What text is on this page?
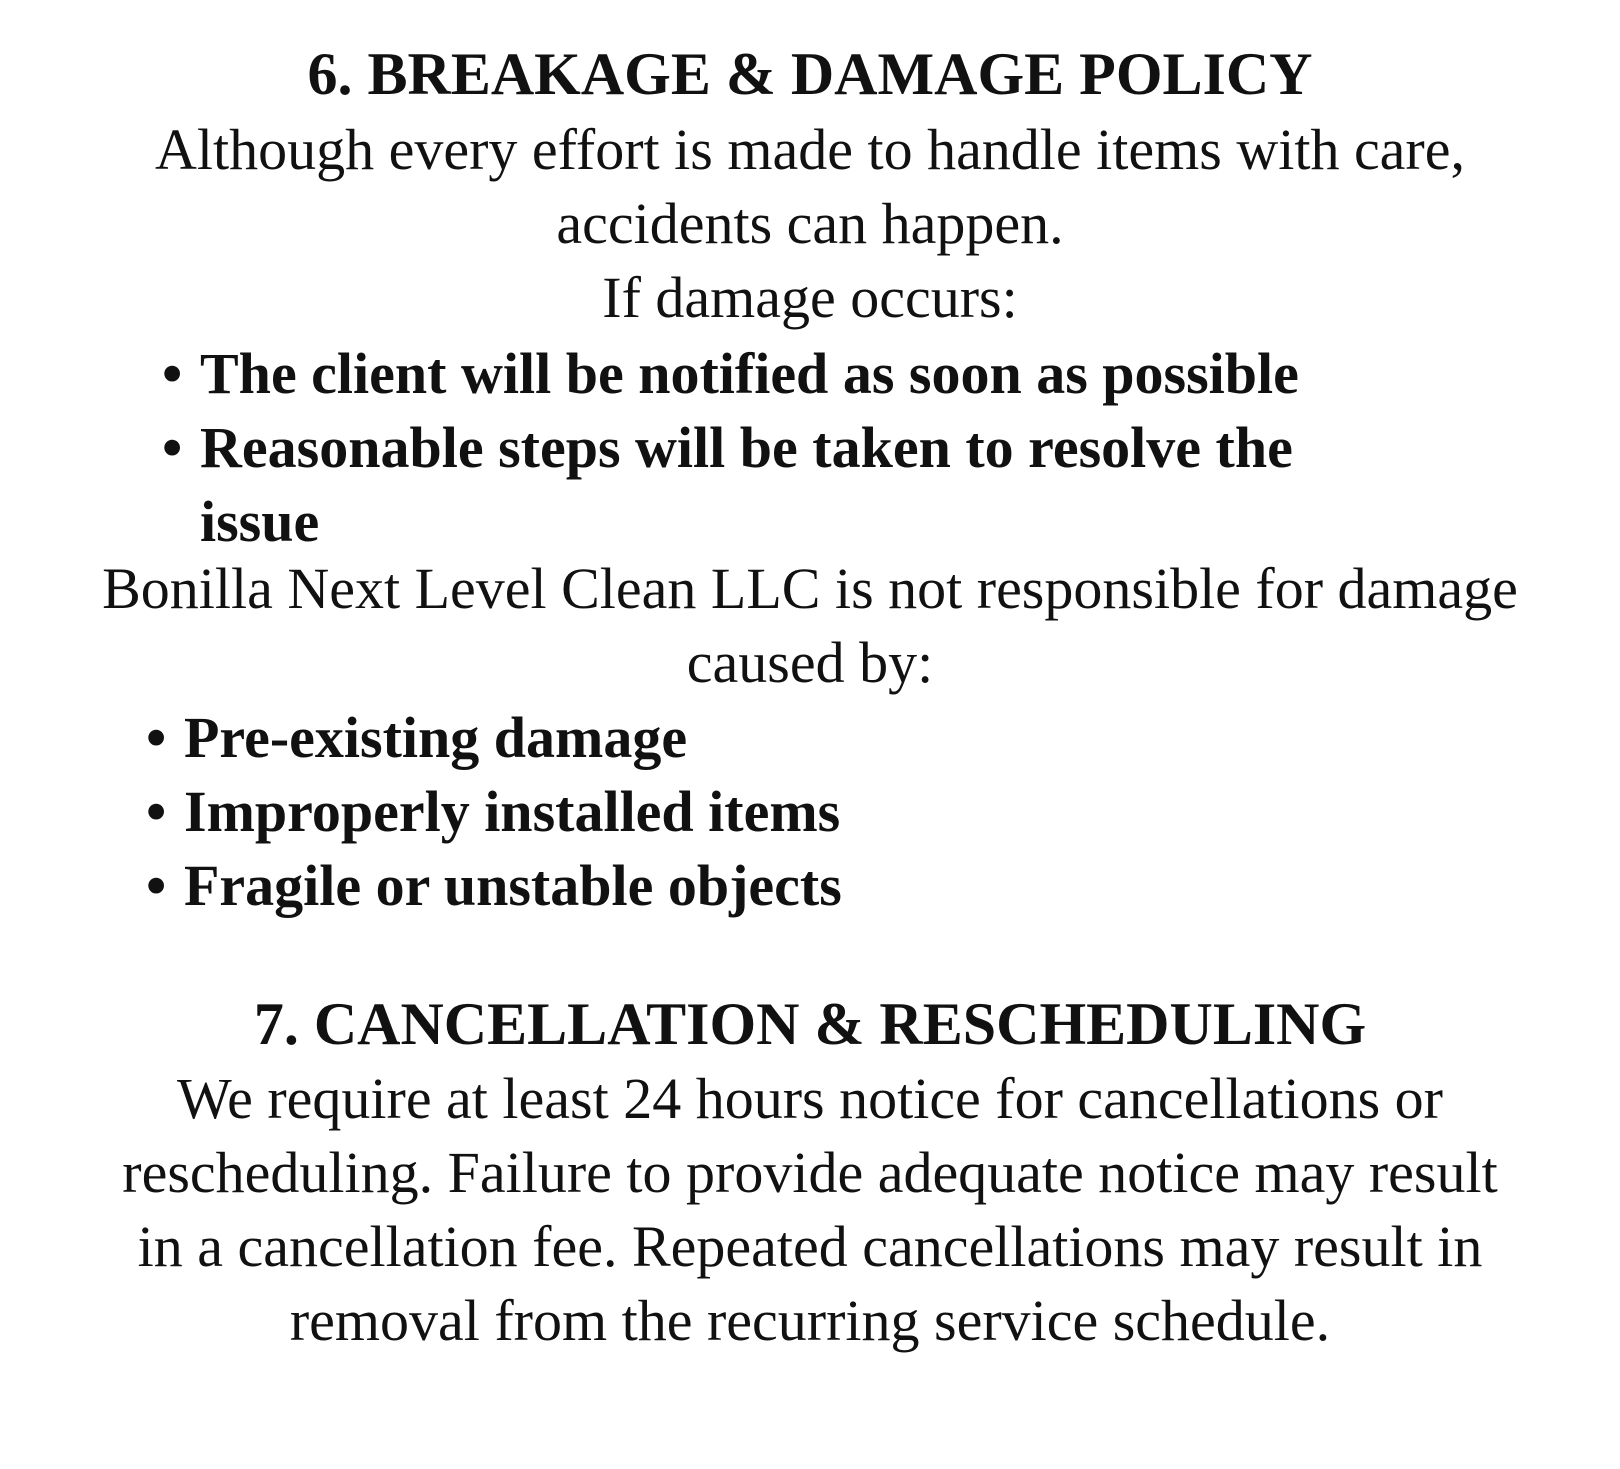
6. BREAKAGE & DAMAGE POLICY
Although every effort is made to handle items with care,
accidents can happen.
If damage occurs:
• The client will be notified as soon as possible
• Reasonable steps will be taken to resolve the
issue
Bonilla Next Level Clean LLC is not responsible for damage
caused by:
• Pre-existing damage
• Improperly installed items
• Fragile or unstable objects
7. CANCELLATION & RESCHEDULING
We require at least 24 hours notice for cancellations or
rescheduling. Failure to provide adequate notice may result
in a cancellation fee. Repeated cancellations may result in
removal from the recurring service schedule.
